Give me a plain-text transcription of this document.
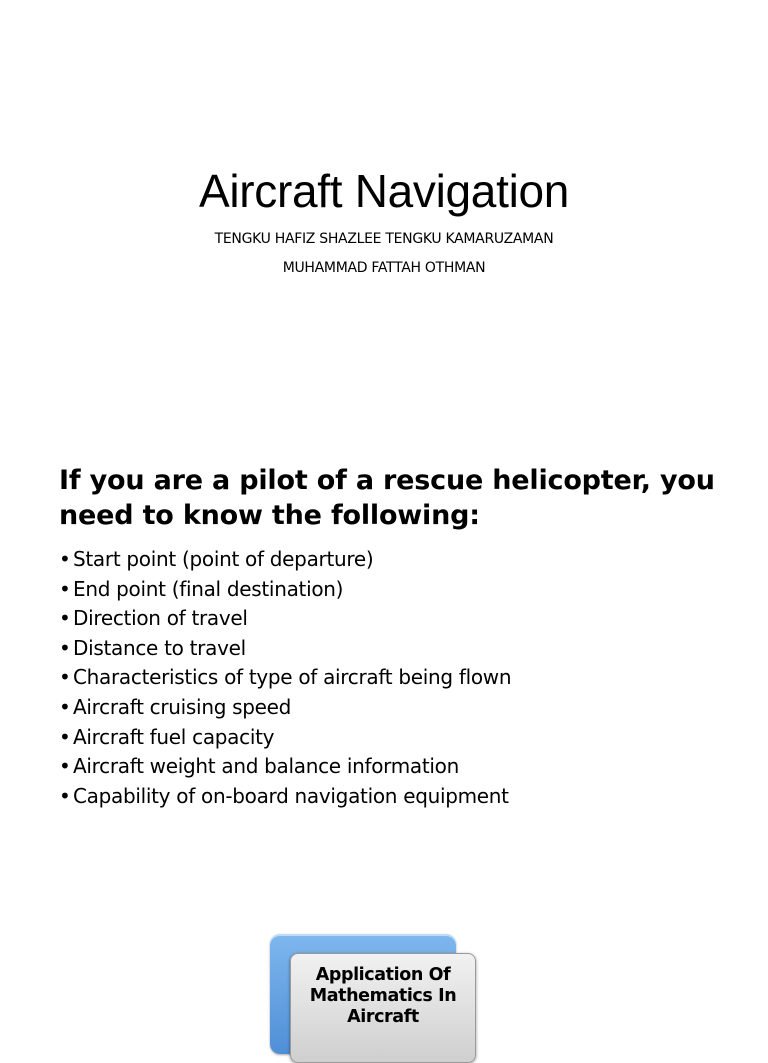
Aircraft Navigation
TENGKU HAFIZ SHAZLEE TENGKU KAMARUZAMAN
MUHAMMAD FATTAH OTHMAN
If you are a pilot of a rescue helicopter, you need to know the following:
• Start point (point of departure)
• End point (final destination)
• Direction of travel
• Distance to travel
• Characteristics of type of aircraft being flown
• Aircraft cruising speed
• Aircraft fuel capacity
• Aircraft weight and balance information
• Capability of on-board navigation equipment
Application Of
Mathematics In
Aircraft
